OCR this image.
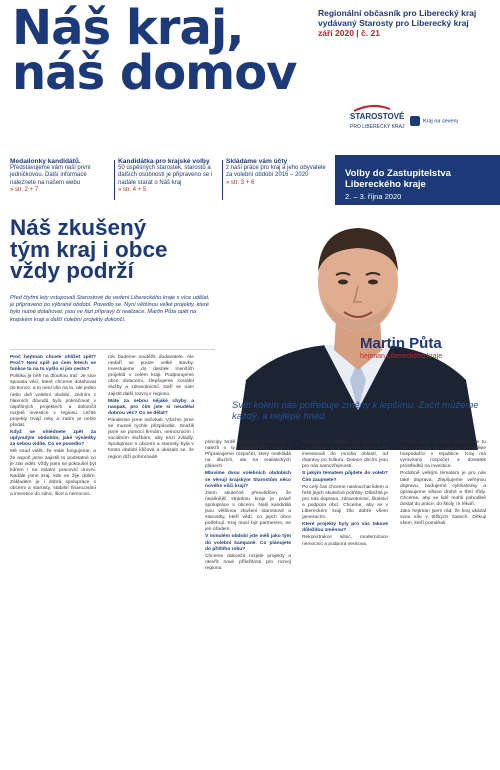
Náš kraj,
náš domov
Regionální občasník pro Liberecký kraj
vydávaný Starosty pro Liberecký kraj
září 2020 | č. 21
STAROSTOVÉ
PRO LIBERECKÝ KRAJ
Kraj na severu
Medailonky kandidátů.
Představujeme vám naši první jedničkovou. Další informace naleznete na našem webu
» str. 2 + 7
Kandidátka pro krajské volby
50 úspěšných starostek, starostů a dalších osobností je připraveno se i nadále starat o Náš kraj
» str. 4 + 5
Skládáme vám účty
z naší práce pro kraj a jeho obyvatele za volební období 2016 – 2020
» str. 3 + 6
Volby do Zastupitelstva Libereckého kraje
2. – 3. října 2020
Náš zkušený
tým kraj i obce
vždy podrží
Před čtyřmi lety vstupovali Starostové do vedení Libereckého kraje s více udělat, je připraveno po výbrané období. Povedlo se. Nyní většinou velké projekty, které bylo nutné dotahovat, jsou ve fázi přípravy či realizace. Martin Půta opět na krajském kraji a další volební projekty dokončí.
Martin Půta
hejtman Libereckého kraje
Svět kolem nás potřebuje změny k lepšímu. Začít můžeme každý, a nejlépe hned.

Proč hejtman chcete ohlížet zpět? Proč? Není spíš po čem letech se funkce ta na to vyšlo si jim cesto?

Politika je běh na dlouhou trať. Je sice spousta věcí, které chceme dotahovat do konce, a to není vše na to, ale jedno nebo dvě volební období. Jedním z hlavních důvodů bylo pokračovat v úspěšných projektech a dokončit rozjeté investice v regionu. Určité projekty trvají roky a zatím je nelze předat.

Když se ohlédnete zpět za uplynulým obdobím, jaké výsledky za sebou vidíte. Co se povedlo?

Mě snad vidět, že stále fungujeme, a že aspoň jsme zajistili to podstatné co je zde vidět. Vždy jsem se pokoušel být lídrem i na ostatní pracovní úrovni. Nadále jsme kraj, kde se žije dobře. Základem je i dobrá spolupráce s obcemi a starosty, stabilní financování a investice do silnic, škol a nemocnic.

rok budeme soutěžit dodavatele. Ale nedaří se pouze velké stavby. Investujeme do desítek menších projektů v celém kraji. Podporujeme obce dotacemi, zlepšujeme sociální služby a zdravotnictví. Daří se nám zajistit další rozvoj v regionu.

Máte za sebou nějaké chyby a naopak, pro čím jste si neudělal dobrou věc? Co se dělat?

Pandemie jsme nečekali. Všichni jsme se museli rychle přizpůsobit. Snažili jsme se pomoci firmám, nemocnicím i sociálním službám, aby krizi zvládly. Spolupráce s obcemi a starosty byla v tomto období klíčová a ukázalo se, že region drží pohromadě.

principy tvrdě vybraných zkušeností a nalezli o ty nejdůležitější projekty. Připravujeme rozpočet, který neskládá na dluzích, ale na realistických plánech.

Mluvíme dvou volebních obdobích se věnují krajským Starostům něco nového vůči kraji?

Jsem skutečně přesvědčen, že nejsilnější stránkou kraje je právě spolupráce s obcemi. Naši kandidáti jsou většinou zkušení starostové a starostky, kteří vědí, co jejich obce potřebují. Kraj musí být partnerem, ne jen úřadem.

V minulém období jste měli jako tým do volební kampaně. Co plánujete do příštího roku?

Chceme dokončit rozjeté projekty a otevřít nové příležitosti pro rozvoj regionu.

Důležitá je ta stabilita, aby lidé cítili, že kraj funguje. V posledních letech jsme investovali do mnoha oblastí, od dopravy po kulturu. Dotace obcím jsou pro nás samozřejmostí.

S jakým tématem půjdete do voleb? Čím zaujmete?

Po celý čas chceme naslouchat lidem a řešit jejich skutečné potřeby. Důležitá je pro nás doprava, zdravotnictví, školství a podpora obcí. Chceme, aby se v Libereckém kraji žilo dobře všem generacím.

Které projekty byly pro vás takové důležitou změnou?

Rekonstrukce silnic, modernizace nemocnic a podpora venkova.

Protože jsme ve kraji nedávno se tu stal regionem, který patří mezi nejlépe hospodařící v republice. Kraj má vyrovnaný rozpočet a dostatek prostředků na investice.

Podobně velkým tématem je pro nás také doprava. Zlepšujeme veřejnou dopravu, budujeme cyklostezky a opravujeme silnice druhé a třetí třídy. Chceme, aby se lidé mohli pohodlně dostat do práce, do školy i k lékaři.

Jako hejtman jsem rád, že kraj ukázal svou sílu v těžkých časech. Děkuji všem, kteří pomáhali.
